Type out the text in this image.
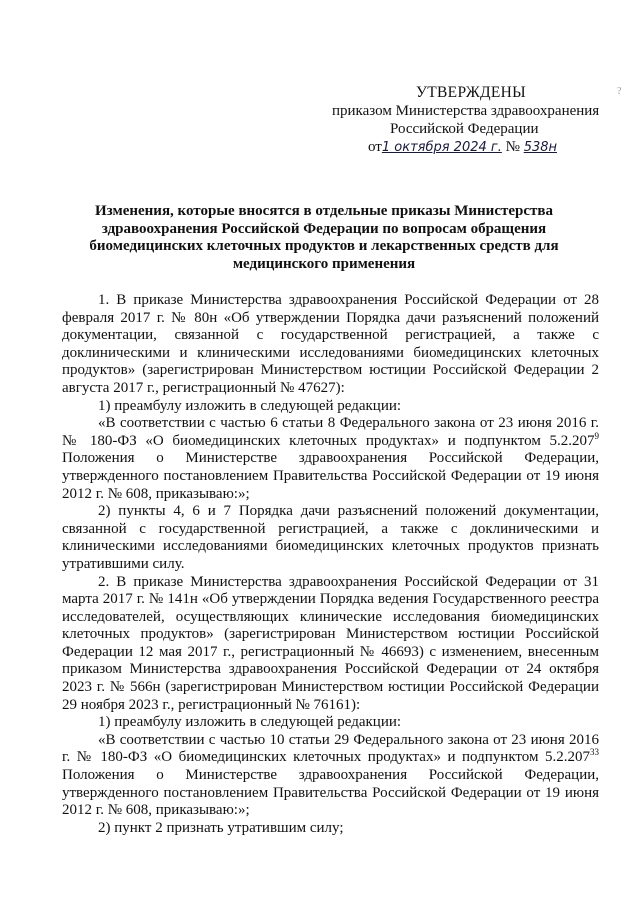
УТВЕРЖДЕНЫ
приказом Министерства здравоохранения
Российской Федерации
от1 октября 2024 г. № 538н
?
Изменения, которые вносятся в отдельные приказы Министерства здравоохранения Российской Федерации по вопросам обращения биомедицинских клеточных продуктов и лекарственных средств для медицинского применения

1. В приказе Министерства здравоохранения Российской Федерации от 28 февраля 2017 г. № 80н «Об утверждении Порядка дачи разъяснений положений документации, связанной с государственной регистрацией, а также с доклиническими и клиническими исследованиями биомедицинских клеточных продуктов» (зарегистрирован Министерством юстиции Российской Федерации 2 августа 2017 г., регистрационный № 47627):

1) преамбулу изложить в следующей редакции:

«В соответствии с частью 6 статьи 8 Федерального закона от 23 июня 2016 г. № 180-ФЗ «О биомедицинских клеточных продуктах» и подпунктом 5.2.207$^9$ Положения о Министерстве здравоохранения Российской Федерации, утвержденного постановлением Правительства Российской Федерации от 19 июня 2012 г. № 608, приказываю:»;

2) пункты 4, 6 и 7 Порядка дачи разъяснений положений документации, связанной с государственной регистрацией, а также с доклиническими и клиническими исследованиями биомедицинских клеточных продуктов признать утратившими силу.

2. В приказе Министерства здравоохранения Российской Федерации от 31 марта 2017 г. № 141н «Об утверждении Порядка ведения Государственного реестра исследователей, осуществляющих клинические исследования биомедицинских клеточных продуктов» (зарегистрирован Министерством юстиции Российской Федерации 12 мая 2017 г., регистрационный № 46693) с изменением, внесенным приказом Министерства здравоохранения Российской Федерации от 24 октября 2023 г. № 566н (зарегистрирован Министерством юстиции Российской Федерации 29 ноября 2023 г., регистрационный № 76161):

1) преамбулу изложить в следующей редакции:

«В соответствии с частью 10 статьи 29 Федерального закона от 23 июня 2016 г. № 180-ФЗ «О биомедицинских клеточных продуктах» и подпунктом 5.2.207$^{33}$ Положения о Министерстве здравоохранения Российской Федерации, утвержденного постановлением Правительства Российской Федерации от 19 июня 2012 г. № 608, приказываю:»;

2) пункт 2 признать утратившим силу;
